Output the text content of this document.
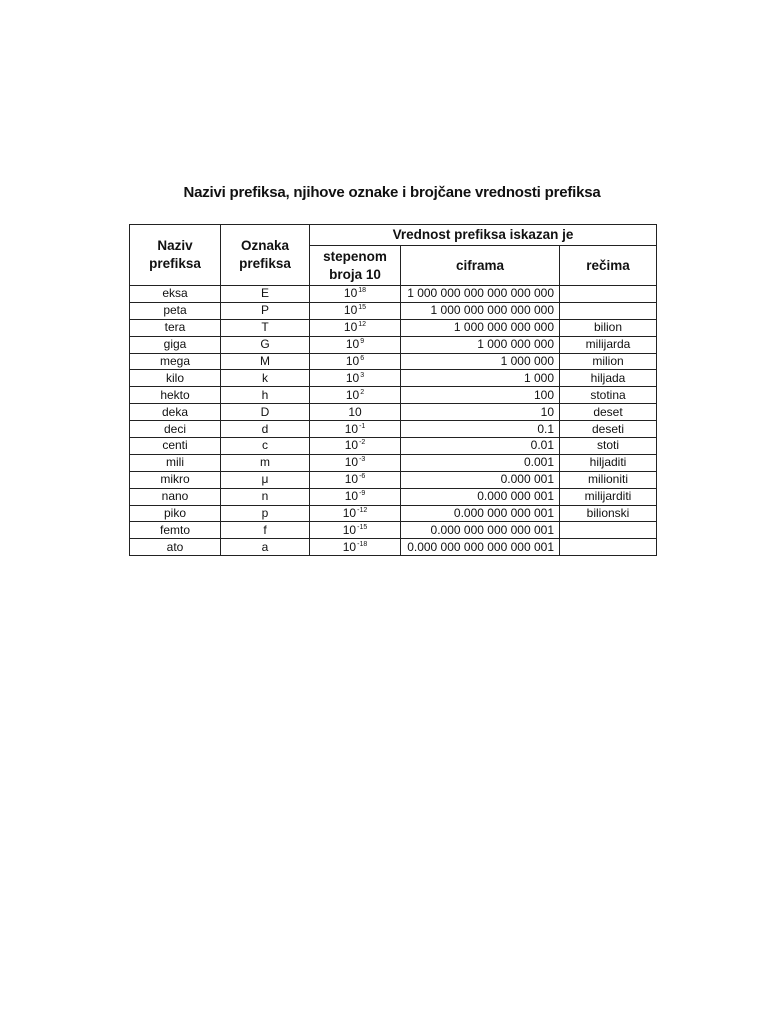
Nazivi prefiksa, njihove oznake i brojčane vrednosti prefiksa
Naziv prefiksa	Oznaka prefiksa	Vrednost prefiksa iskazan je		
		stepenom broja 10	ciframa	rečima
eksa	E	$10^{18}$	1 000 000 000 000 000 000	
peta	P	$10^{15}$	1 000 000 000 000 000	
tera	T	$10^{12}$	1 000 000 000 000	bilion
giga	G	$10^9$	1 000 000 000	milijarda
mega	M	$10^6$	1 000 000	milion
kilo	k	$10^3$	1 000	hiljada
hekto	h	$10^2$	100	stotina
deka	D	10	10	deset
deci	d	$10^{-1}$	0.1	deseti
centi	c	$10^{-2}$	0.01	stoti
mili	m	$10^{-3}$	0.001	hiljaditi
mikro	μ	$10^{-6}$	0.000 001	milioniti
nano	n	$10^{-9}$	0.000 000 001	milijarditi
piko	p	$10^{-12}$	0.000 000 000 001	bilionski
femto	f	$10^{-15}$	0.000 000 000 000 001	
ato	a	$10^{-18}$	0.000 000 000 000 000 001	
